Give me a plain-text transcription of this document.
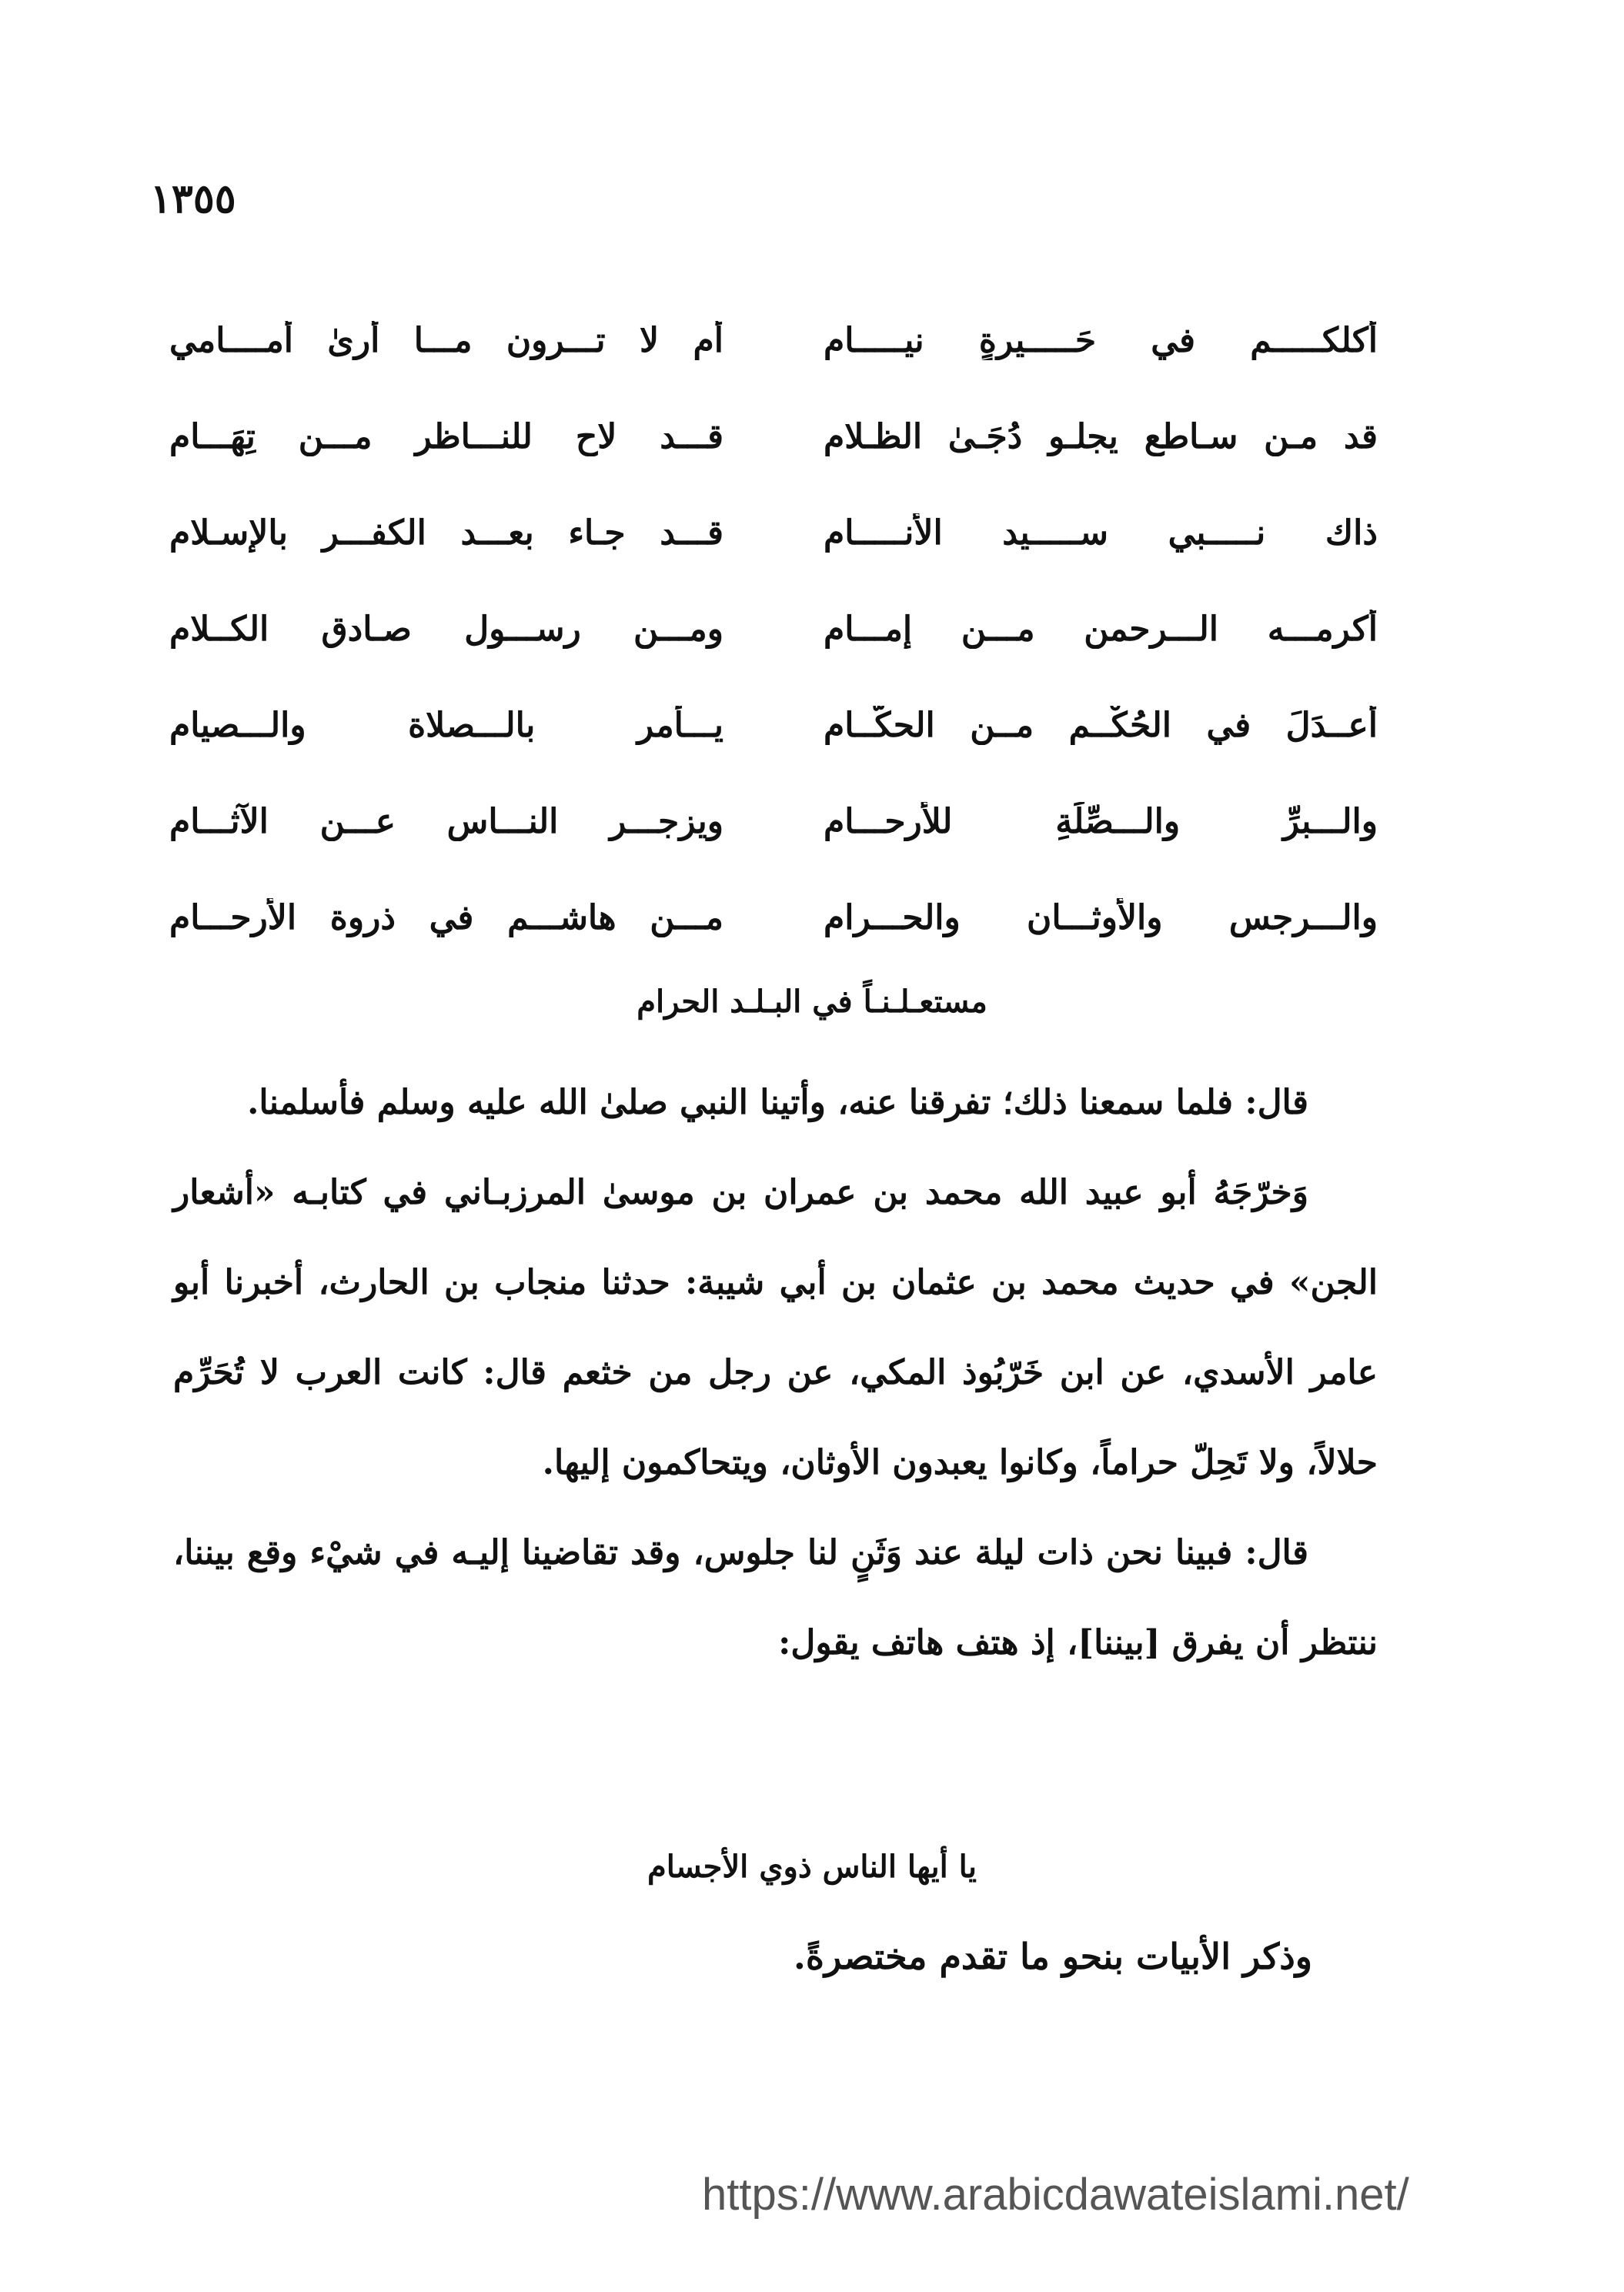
١٣٥٥
أكلكـــــم في حَـــــيرةٍ نيـــــام
أم لا تـــرون مـــا أرىٰ أمــــامي
قد مـن سـاطع يجلـو دُجَـىٰ الظـلام
قـــد لاح للنـــاظر مـــن تِهَـــام
ذاك نـــــبي ســـــيد الأنـــــام
قـــد جـاء بعـــد الكفـــر بالإسـلام
أكرمـــه الـــرحمن مـــن إمـــام
ومـــن رســـول صـادق الكــلام
أَعــدَلَ في الحُكْــم مــن الحكّــام
يـــأمر بالـــصلاة والـــصيام
والـــبرِّ والـــصِّلَةِ للأرحـــام
ويزجـــر النـــاس عـــن الآثـــام
والـــرجس والأوثـــان والحـــرام
مـــن هاشـــم في ذروة الأرحـــام
مستعـلـنـاً في البـلـد الحرام

قال: فلما سمعنا ذلك؛ تفرقنا عنه، وأتينا النبي صلىٰ الله عليه وسلم فأسلمنا.

وَخرّجَهُ أبو عبيد الله محمد بن عمران بن موسىٰ المرزبـاني في كتابـه «أشعار الجن» في حديث محمد بن عثمان بن أبي شيبة: حدثنا منجاب بن الحارث، أخبرنا أبو عامر الأسدي، عن ابن خَرّبُوذ المكي، عن رجل من خثعم قال: كانت العرب لا تُحَرِّم حلالاً، ولا تَحِلّ حراماً، وكانوا يعبدون الأوثان، ويتحاكمون إليها.

قال: فبينا نحن ذات ليلة عند وَثَنٍ لنا جلوس، وقد تقاضينا إليـه في شيْء وقع بيننا، ننتظر أن يفرق [بيننا]، إذ هتف هاتف يقول:

يا أيها الناس ذوي الأجسام
وذكر الأبيات بنحو ما تقدم مختصرةً.
https://www.arabicdawateislami.net/
